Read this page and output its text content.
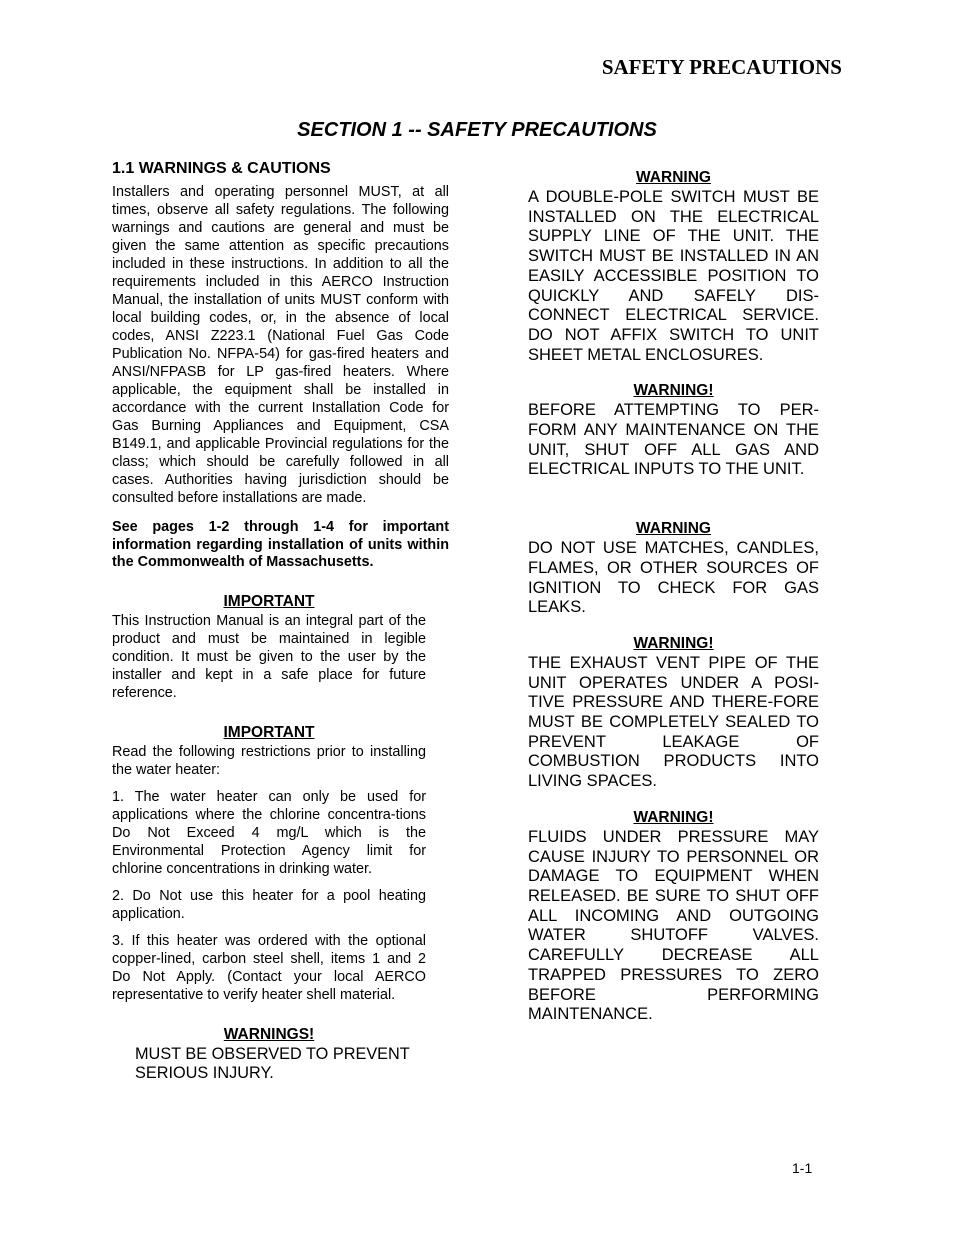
SAFETY PRECAUTIONS
SECTION 1 -- SAFETY PRECAUTIONS
1.1 WARNINGS & CAUTIONS

Installers and operating personnel MUST, at all times, observe all safety regulations. The following warnings and cautions are general and must be given the same attention as specific precautions included in these instructions. In addition to all the requirements included in this AERCO Instruction Manual, the installation of units MUST conform with local building codes, or, in the absence of local codes, ANSI Z223.1 (National Fuel Gas Code Publication No. NFPA-54) for gas-fired heaters and ANSI/NFPASB for LP gas-fired heaters. Where applicable, the equipment shall be installed in accordance with the current Installation Code for Gas Burning Appliances and Equipment, CSA B149.1, and applicable Provincial regulations for the class; which should be carefully followed in all cases. Authorities having jurisdiction should be consulted before installations are made.

See pages 1-2 through 1-4 for important information regarding installation of units within the Commonwealth of Massachusetts.

IMPORTANT

This Instruction Manual is an integral part of the product and must be maintained in legible condition. It must be given to the user by the installer and kept in a safe place for future reference.

IMPORTANT

Read the following restrictions prior to installing the water heater:

1. The water heater can only be used for applications where the chlorine concentra-tions Do Not Exceed 4 mg/L which is the Environmental Protection Agency limit for chlorine concentrations in drinking water.

2. Do Not use this heater for a pool heating application.

3. If this heater was ordered with the optional copper-lined, carbon steel shell, items 1 and 2 Do Not Apply. (Contact your local AERCO representative to verify heater shell material.

WARNINGS!

MUST BE OBSERVED TO PREVENT SERIOUS INJURY.

WARNING

A DOUBLE-POLE SWITCH MUST BE INSTALLED ON THE ELECTRICAL SUPPLY LINE OF THE UNIT. THE SWITCH MUST BE INSTALLED IN AN EASILY ACCESSIBLE POSITION TO QUICKLY AND SAFELY DIS-CONNECT ELECTRICAL SERVICE. DO NOT AFFIX SWITCH TO UNIT SHEET METAL ENCLOSURES.

WARNING!

BEFORE ATTEMPTING TO PER-FORM ANY MAINTENANCE ON THE UNIT, SHUT OFF ALL GAS AND ELECTRICAL INPUTS TO THE UNIT.

WARNING

DO NOT USE MATCHES, CANDLES, FLAMES, OR OTHER SOURCES OF IGNITION TO CHECK FOR GAS LEAKS.

WARNING!

THE EXHAUST VENT PIPE OF THE UNIT OPERATES UNDER A POSI-TIVE PRESSURE AND THERE-FORE MUST BE COMPLETELY SEALED TO PREVENT LEAKAGE OF COMBUSTION PRODUCTS INTO LIVING SPACES.

WARNING!

FLUIDS UNDER PRESSURE MAY CAUSE INJURY TO PERSONNEL OR DAMAGE TO EQUIPMENT WHEN RELEASED. BE SURE TO SHUT OFF ALL INCOMING AND OUTGOING WATER SHUTOFF VALVES. CAREFULLY DECREASE ALL TRAPPED PRESSURES TO ZERO BEFORE PERFORMING MAINTENANCE.

1-1
